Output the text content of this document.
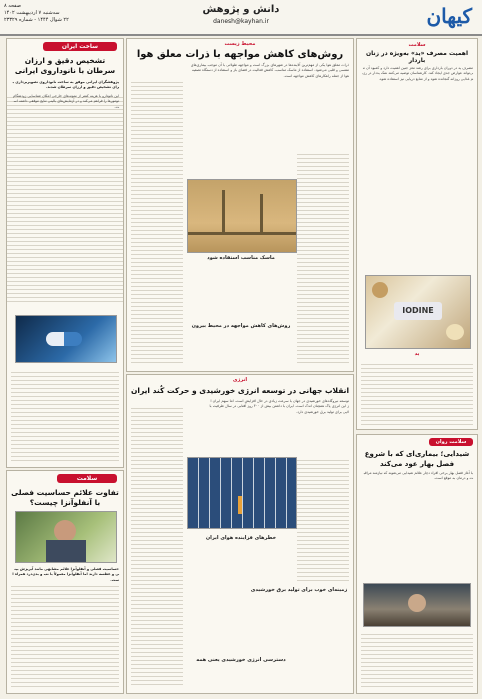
کیهان
دانش و پژوهش
danesh@kayhan.ir
صفحه ۸
سه‌شنبه ۷ اردیبهشت ۱۴۰۲
۲۲ شوال ۱۴۴۴ - شماره ۲۳۳۲۹
سلامت
اهمیت مصرف «ید» به‌ویژه در زنان باردار
مصرف ید در دوران بارداری برای رشد مغز جنین اهمیت دارد و کمبود آن می‌تواند عوارض جدی ایجاد کند. کارشناسان توصیه می‌کنند نمک یددار در رژیم غذایی روزانه گنجانده شود و از منابع دریایی نیز استفاده شود.
IODINE
ید
سلامت روان
شیدایی؛ بیماری‌ای که با شروع فصل بهار عود می‌کند
با آغاز فصل بهار برخی افراد دچار علائم شیدایی می‌شوند که نیازمند مراقبت و درمان به موقع است.
محیط زیست
روش‌های کاهش مواجهه با ذرات معلق هوا
ذرات معلق هوا یکی از مهم‌ترین آلاینده‌ها در شهرهای بزرگ است و مواجهه طولانی با آن موجب بیماری‌های تنفسی و قلبی می‌شود. استفاده از ماسک مناسب، کاهش فعالیت در فضای باز و استفاده از دستگاه تصفیه هوا از جمله راهکارهای کاهش مواجهه است.
ماسک مناسب استفاده شود
روش‌های کاهش مواجهه در محیط بیرون
انرژی
انقلاب جهانی در توسعه انرژی خورشیدی و حرکت کُند ایران
توسعه نیروگاه‌های خورشیدی در جهان با سرعت زیادی در حال افزایش است، اما سهم ایران از این انرژی پاک همچنان اندک است. ایران با داشتن بیش از ۳۰۰ روز آفتابی در سال ظرفیت بالایی برای تولید برق خورشیدی دارد.
خطرهای فزاینده هوای ایران
زمینه‌ای خوب برای تولید برق خورشیدی
دسترسی انرژی خورشیدی یعنی همه
ساخت ایران
تشخیص دقیق و ارزان سرطان با نانوداروی ایرانی
پژوهشگران ایرانی موفق به ساخت نانوداروی تصویربرداری برای تشخیص دقیق و ارزان سرطان شدند.
این نانودارو با هزینه کمتر از نمونه‌های خارجی امکان شناسایی زودهنگام تومورها را فراهم می‌کند و در آزمایش‌های بالینی نتایج موفقی داشته است.
سلامت
تفاوت علائم حساسیت فصلی با آنفلوآنزا چیست؟
حساسیت فصلی و آنفلوآنزا علائم مشابهی مانند آبریزش بینی و عطسه دارند اما آنفلوآنزا معمولاً با تب و بدن‌درد همراه است.
